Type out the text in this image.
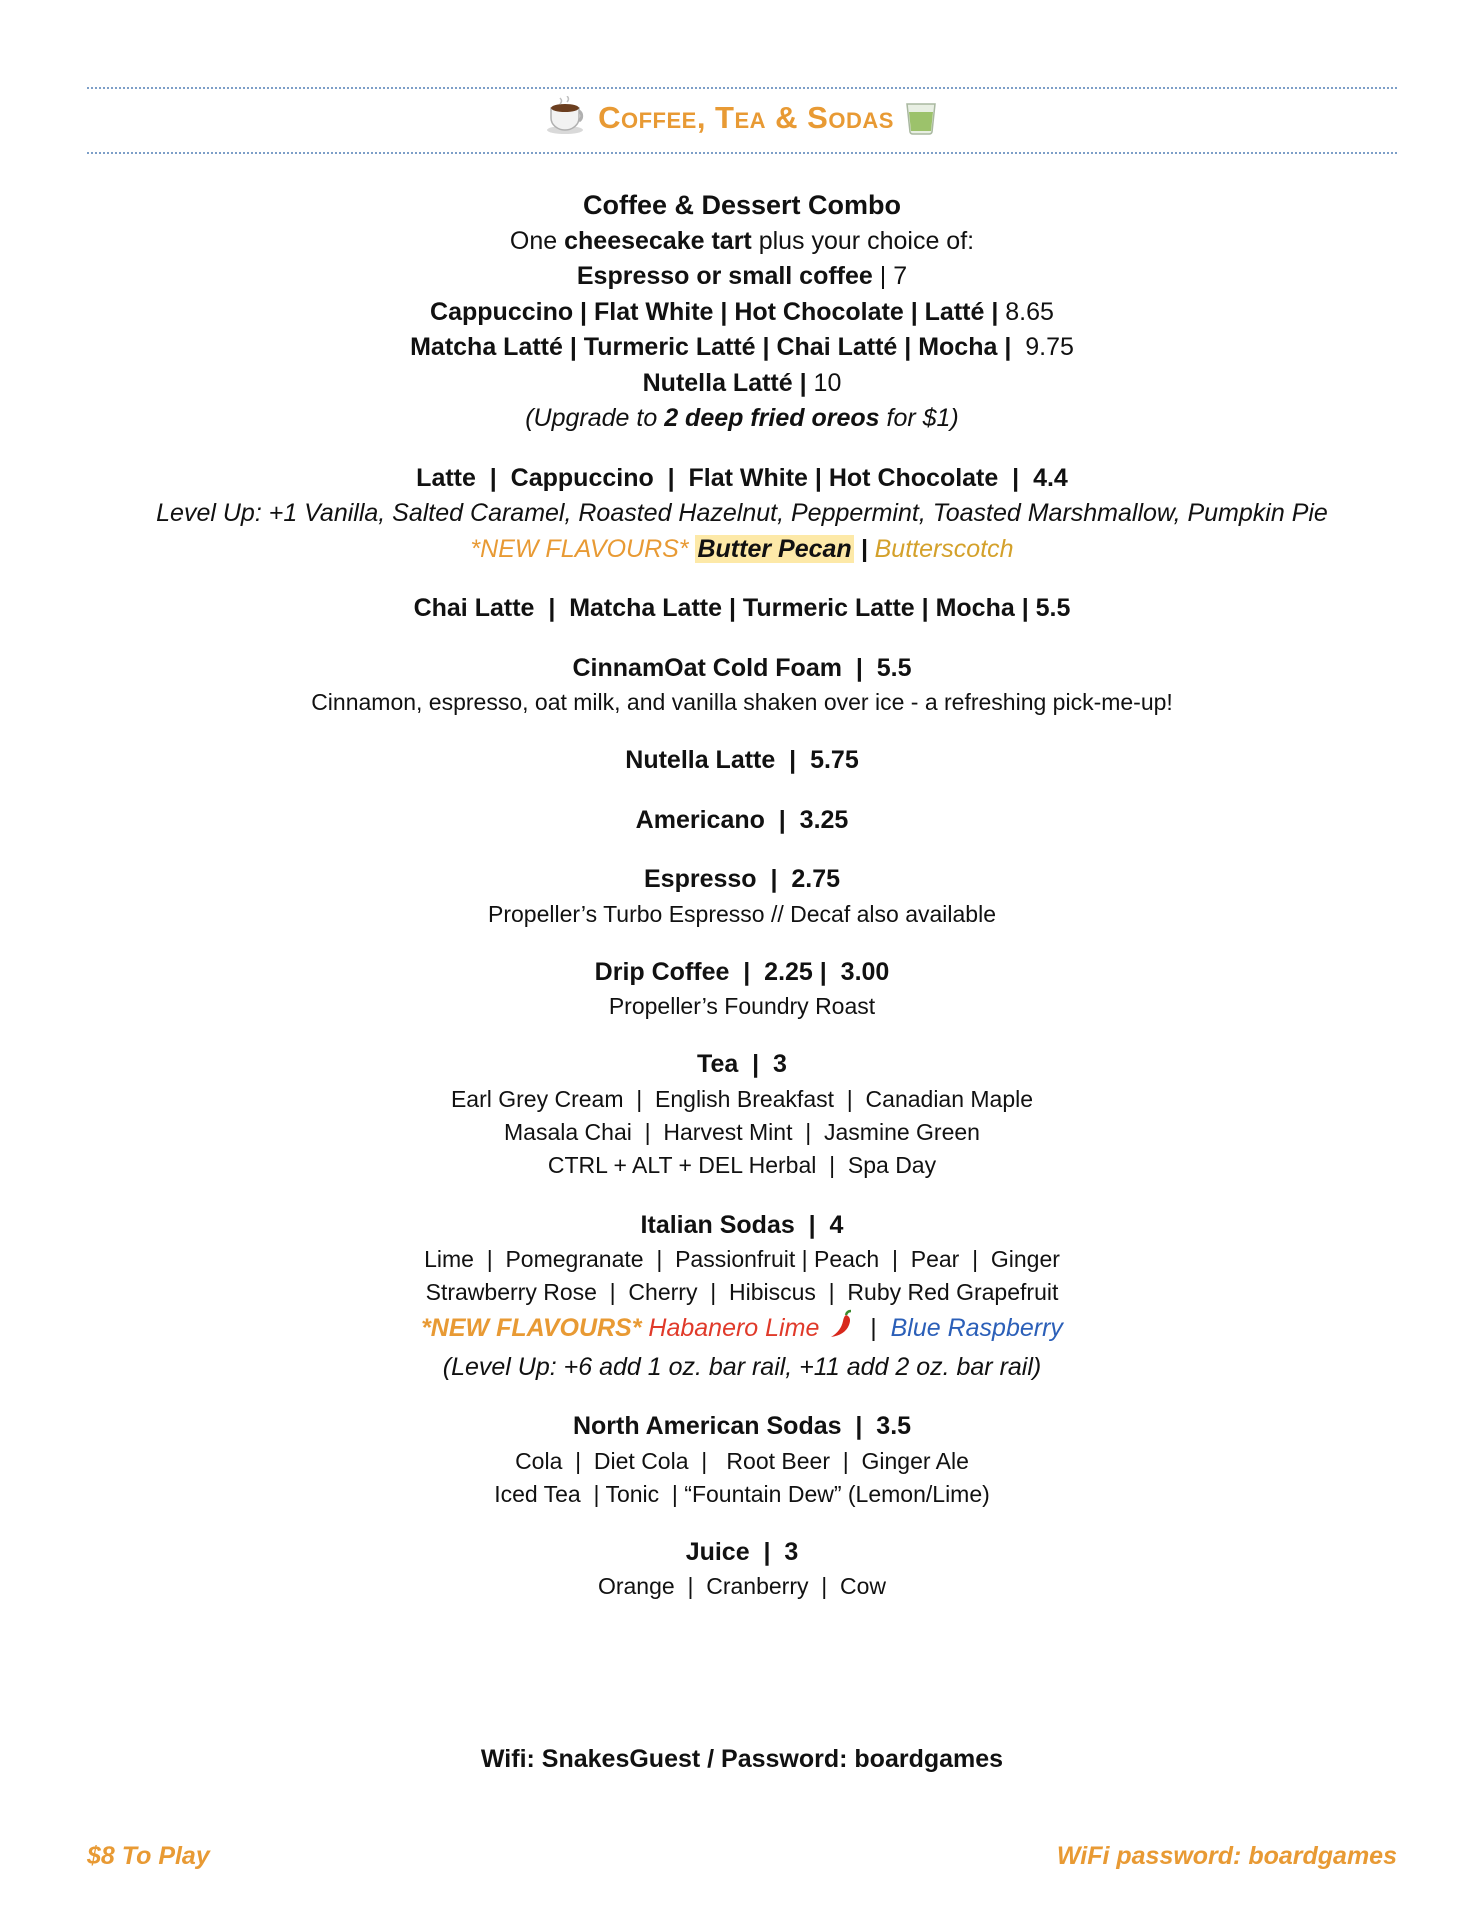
Coffee, Tea & Sodas
Coffee & Dessert Combo
One cheesecake tart plus your choice of:
Espresso or small coffee | 7
Cappuccino | Flat White | Hot Chocolate | Latté | 8.65
Matcha Latté | Turmeric Latté | Chai Latté | Mocha | 9.75
Nutella Latté | 10
(Upgrade to 2 deep fried oreos for $1)
Latte  |  Cappuccino  |  Flat White | Hot Chocolate  |  4.4
Level Up: +1 Vanilla, Salted Caramel, Roasted Hazelnut, Peppermint, Toasted Marshmallow, Pumpkin Pie
*NEW FLAVOURS* Butter Pecan | Butterscotch
Chai Latte  |  Matcha Latte | Turmeric Latte | Mocha | 5.5
CinnamOat Cold Foam  |  5.5
Cinnamon, espresso, oat milk, and vanilla shaken over ice - a refreshing pick-me-up!
Nutella Latte  |  5.75
Americano  |  3.25
Espresso  |  2.75
Propeller’s Turbo Espresso // Decaf also available
Drip Coffee  |  2.25 |  3.00
Propeller’s Foundry Roast
Tea  |  3
Earl Grey Cream  |  English Breakfast  |  Canadian Maple
Masala Chai  |  Harvest Mint  |  Jasmine Green
CTRL + ALT + DEL Herbal  |  Spa Day
Italian Sodas  |  4
Lime  |  Pomegranate  |  Passionfruit | Peach  |  Pear  |  Ginger
Strawberry Rose  |  Cherry  |  Hibiscus  |  Ruby Red Grapefruit
*NEW FLAVOURS* Habanero Lime | Blue Raspberry
(Level Up: +6 add 1 oz. bar rail, +11 add 2 oz. bar rail)
North American Sodas  |  3.5
Cola  |  Diet Cola  |   Root Beer  |  Ginger Ale
Iced Tea  | Tonic  | “Fountain Dew” (Lemon/Lime)
Juice  |  3
Orange  |  Cranberry  |  Cow
Wifi: SnakesGuest / Password: boardgames
$8 To Play	WiFi password: boardgames
